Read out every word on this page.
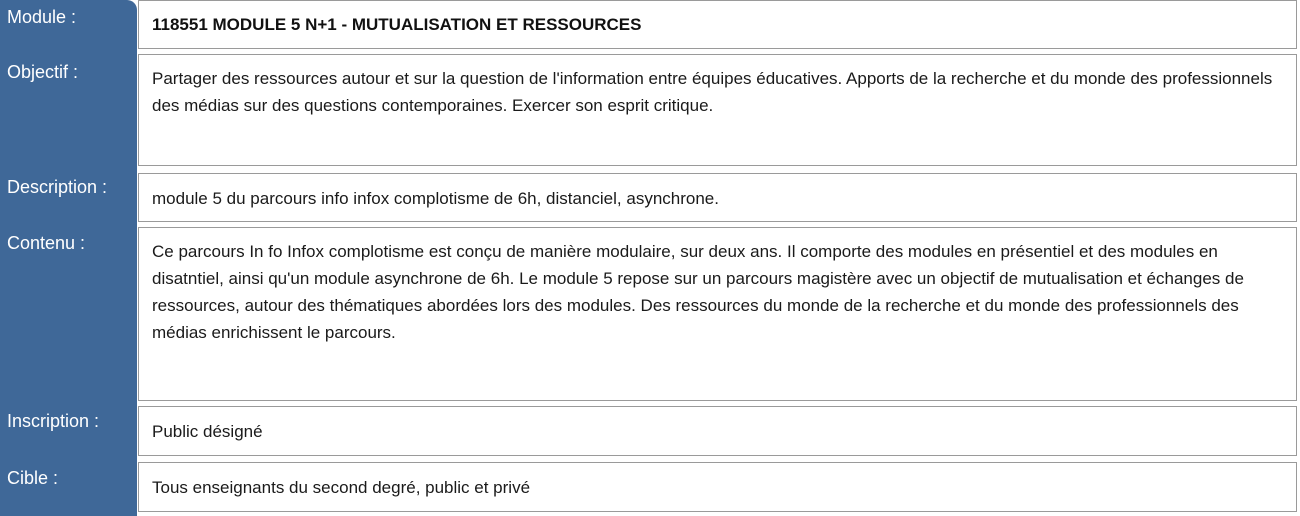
Module :	118551 MODULE 5 N+1 - MUTUALISATION ET RESSOURCES
Objectif :	Partager des ressources autour et sur la question de l'information entre équipes éducatives. Apports de la recherche et du monde des professionnels des médias sur des questions contemporaines. Exercer son esprit critique.
Description :
module 5 du parcours info infox complotisme de 6h, distanciel, asynchrone.
Contenu :	Ce parcours In fo Infox complotisme est conçu de manière modulaire, sur deux ans. Il comporte des modules en présentiel et des modules en disatntiel, ainsi qu'un module asynchrone de 6h. Le module 5 repose sur un parcours magistère avec un objectif de mutualisation et échanges de ressources, autour des thématiques abordées lors des modules. Des ressources du monde de la recherche et du monde des professionnels des médias enrichissent le parcours.
Inscription :
Public désigné
Cible :	Tous enseignants du second degré, public et privé
